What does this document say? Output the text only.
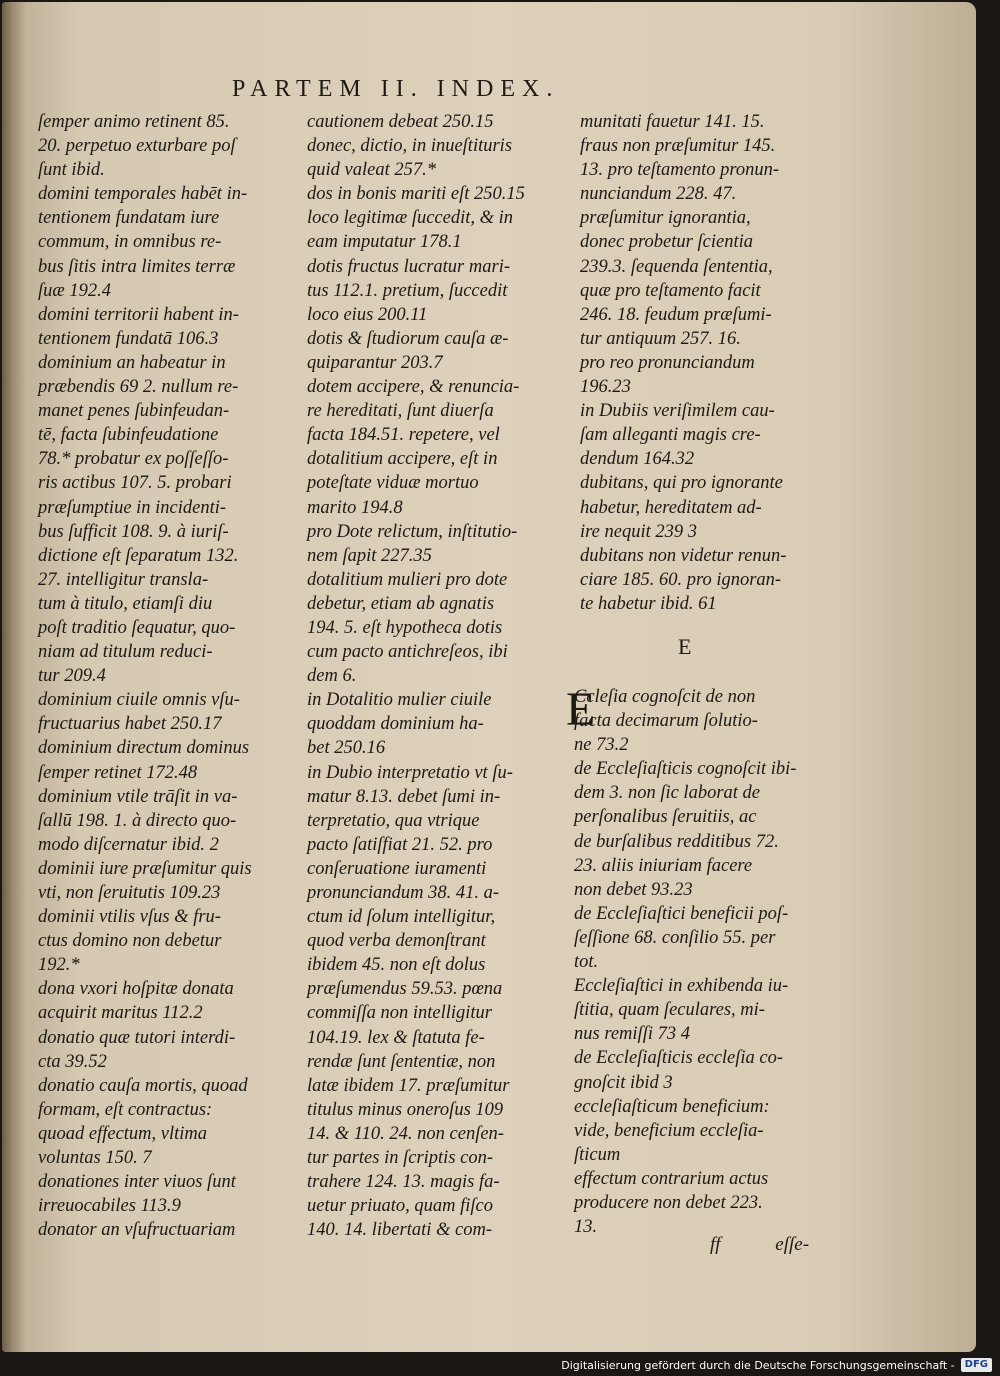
PARTEM II. INDEX.
ſemper animo retinent 85.
20. perpetuo exturbare poſ
ſunt ibid.
domini temporales habēt in-
tentionem fundatam iure
commum, in omnibus re-
bus ſitis intra limites terræ
ſuæ 192.4
domini territorii habent in-
tentionem fundatā 106.3
dominium an habeatur in
præbendis 69 2. nullum re-
manet penes ſubinfeudan-
tē, facta ſubinfeudatione
78.* probatur ex poſſeſſo-
ris actibus 107. 5. probari
præſumptiue in incidenti-
bus ſufficit 108. 9. à iuriſ-
dictione eſt ſeparatum 132.
27. intelligitur transla-
tum à titulo, etiamſi diu
poſt traditio ſequatur, quo-
niam ad titulum reduci-
tur 209.4
dominium ciuile omnis vſu-
fructuarius habet 250.17
dominium directum dominus
ſemper retinet 172.48
dominium vtile trāſit in va-
ſallū 198. 1. à directo quo-
modo diſcernatur ibid. 2
dominii iure præſumitur quis
vti, non ſeruitutis 109.23
dominii vtilis vſus & fru-
ctus domino non debetur
192.*
dona vxori hoſpitæ donata
acquirit maritus 112.2
donatio quæ tutori interdi-
cta 39.52
donatio cauſa mortis, quoad
formam, eſt contractus:
quoad effectum, vltima
voluntas 150. 7
donationes inter viuos ſunt
irreuocabiles 113.9
donator an vſufructuariam
cautionem debeat 250.15
donec, dictio, in inueſtituris
quid valeat 257.*
dos in bonis mariti eſt 250.15
loco legitimæ ſuccedit, & in
eam imputatur 178.1
dotis fructus lucratur mari-
tus 112.1. pretium, ſuccedit
loco eius 200.11
dotis & ſtudiorum cauſa æ-
quiparantur 203.7
dotem accipere, & renuncia-
re hereditati, ſunt diuerſa
facta 184.51. repetere, vel
dotalitium accipere, eſt in
poteſtate viduæ mortuo
marito 194.8
pro Dote relictum, inſtitutio-
nem ſapit 227.35
dotalitium mulieri pro dote
debetur, etiam ab agnatis
194. 5. eſt hypotheca dotis
cum pacto antichreſeos, ibi
dem 6.
in Dotalitio mulier ciuile
quoddam dominium ha-
bet 250.16
in Dubio interpretatio vt ſu-
matur 8.13. debet ſumi in-
terpretatio, qua vtrique
pacto ſatiſfiat 21. 52. pro
conſeruatione iuramenti
pronunciandum 38. 41. a-
ctum id ſolum intelligitur,
quod verba demonſtrant
ibidem 45. non eſt dolus
præſumendus 59.53. pœna
commiſſa non intelligitur
104.19. lex & ſtatuta fe-
rendæ ſunt ſententiæ, non
latæ ibidem 17. præſumitur
titulus minus oneroſus 109
14. & 110. 24. non cenſen-
tur partes in ſcriptis con-
trahere 124. 13. magis fa-
uetur priuato, quam fiſco
140. 14. libertati & com-
munitati fauetur 141. 15.
fraus non præſumitur 145.
13. pro teſtamento pronun-
nunciandum 228. 47.
præſumitur ignorantia,
donec probetur ſcientia
239.3. ſequenda ſententia,
quæ pro teſtamento facit
246. 18. feudum præſumi-
tur antiquum 257. 16.
pro reo pronunciandum
196.23
in Dubiis veriſimilem cau-
ſam alleganti magis cre-
dendum 164.32
dubitans, qui pro ignorante
habetur, hereditatem ad-
ire nequit 239 3
dubitans non videtur renun-
ciare 185. 60. pro ignoran-
te habetur ibid. 61
E
E
Ccleſia cognoſcit de non
facta decimarum ſolutio-
ne 73.2
de Eccleſiaſticis cognoſcit ibi-
dem 3. non ſic laborat de
perſonalibus ſeruitiis, ac
de burſalibus redditibus 72.
23. aliis iniuriam facere
non debet 93.23
de Eccleſiaſtici beneficii poſ-
ſeſſione 68. conſilio 55. per
tot.
Eccleſiaſtici in exhibenda iu-
ſtitia, quam ſeculares, mi-
nus remiſſi 73 4
de Eccleſiaſticis eccleſia co-
gnoſcit ibid 3
eccleſiaſticum beneficium:
vide, beneficium eccleſia-
ſticum
effectum contrarium actus
producere non debet 223.
13.
ff eſſe-
Digitalisierung gefördert durch die Deutsche Forschungsgemeinschaft -	DFG
